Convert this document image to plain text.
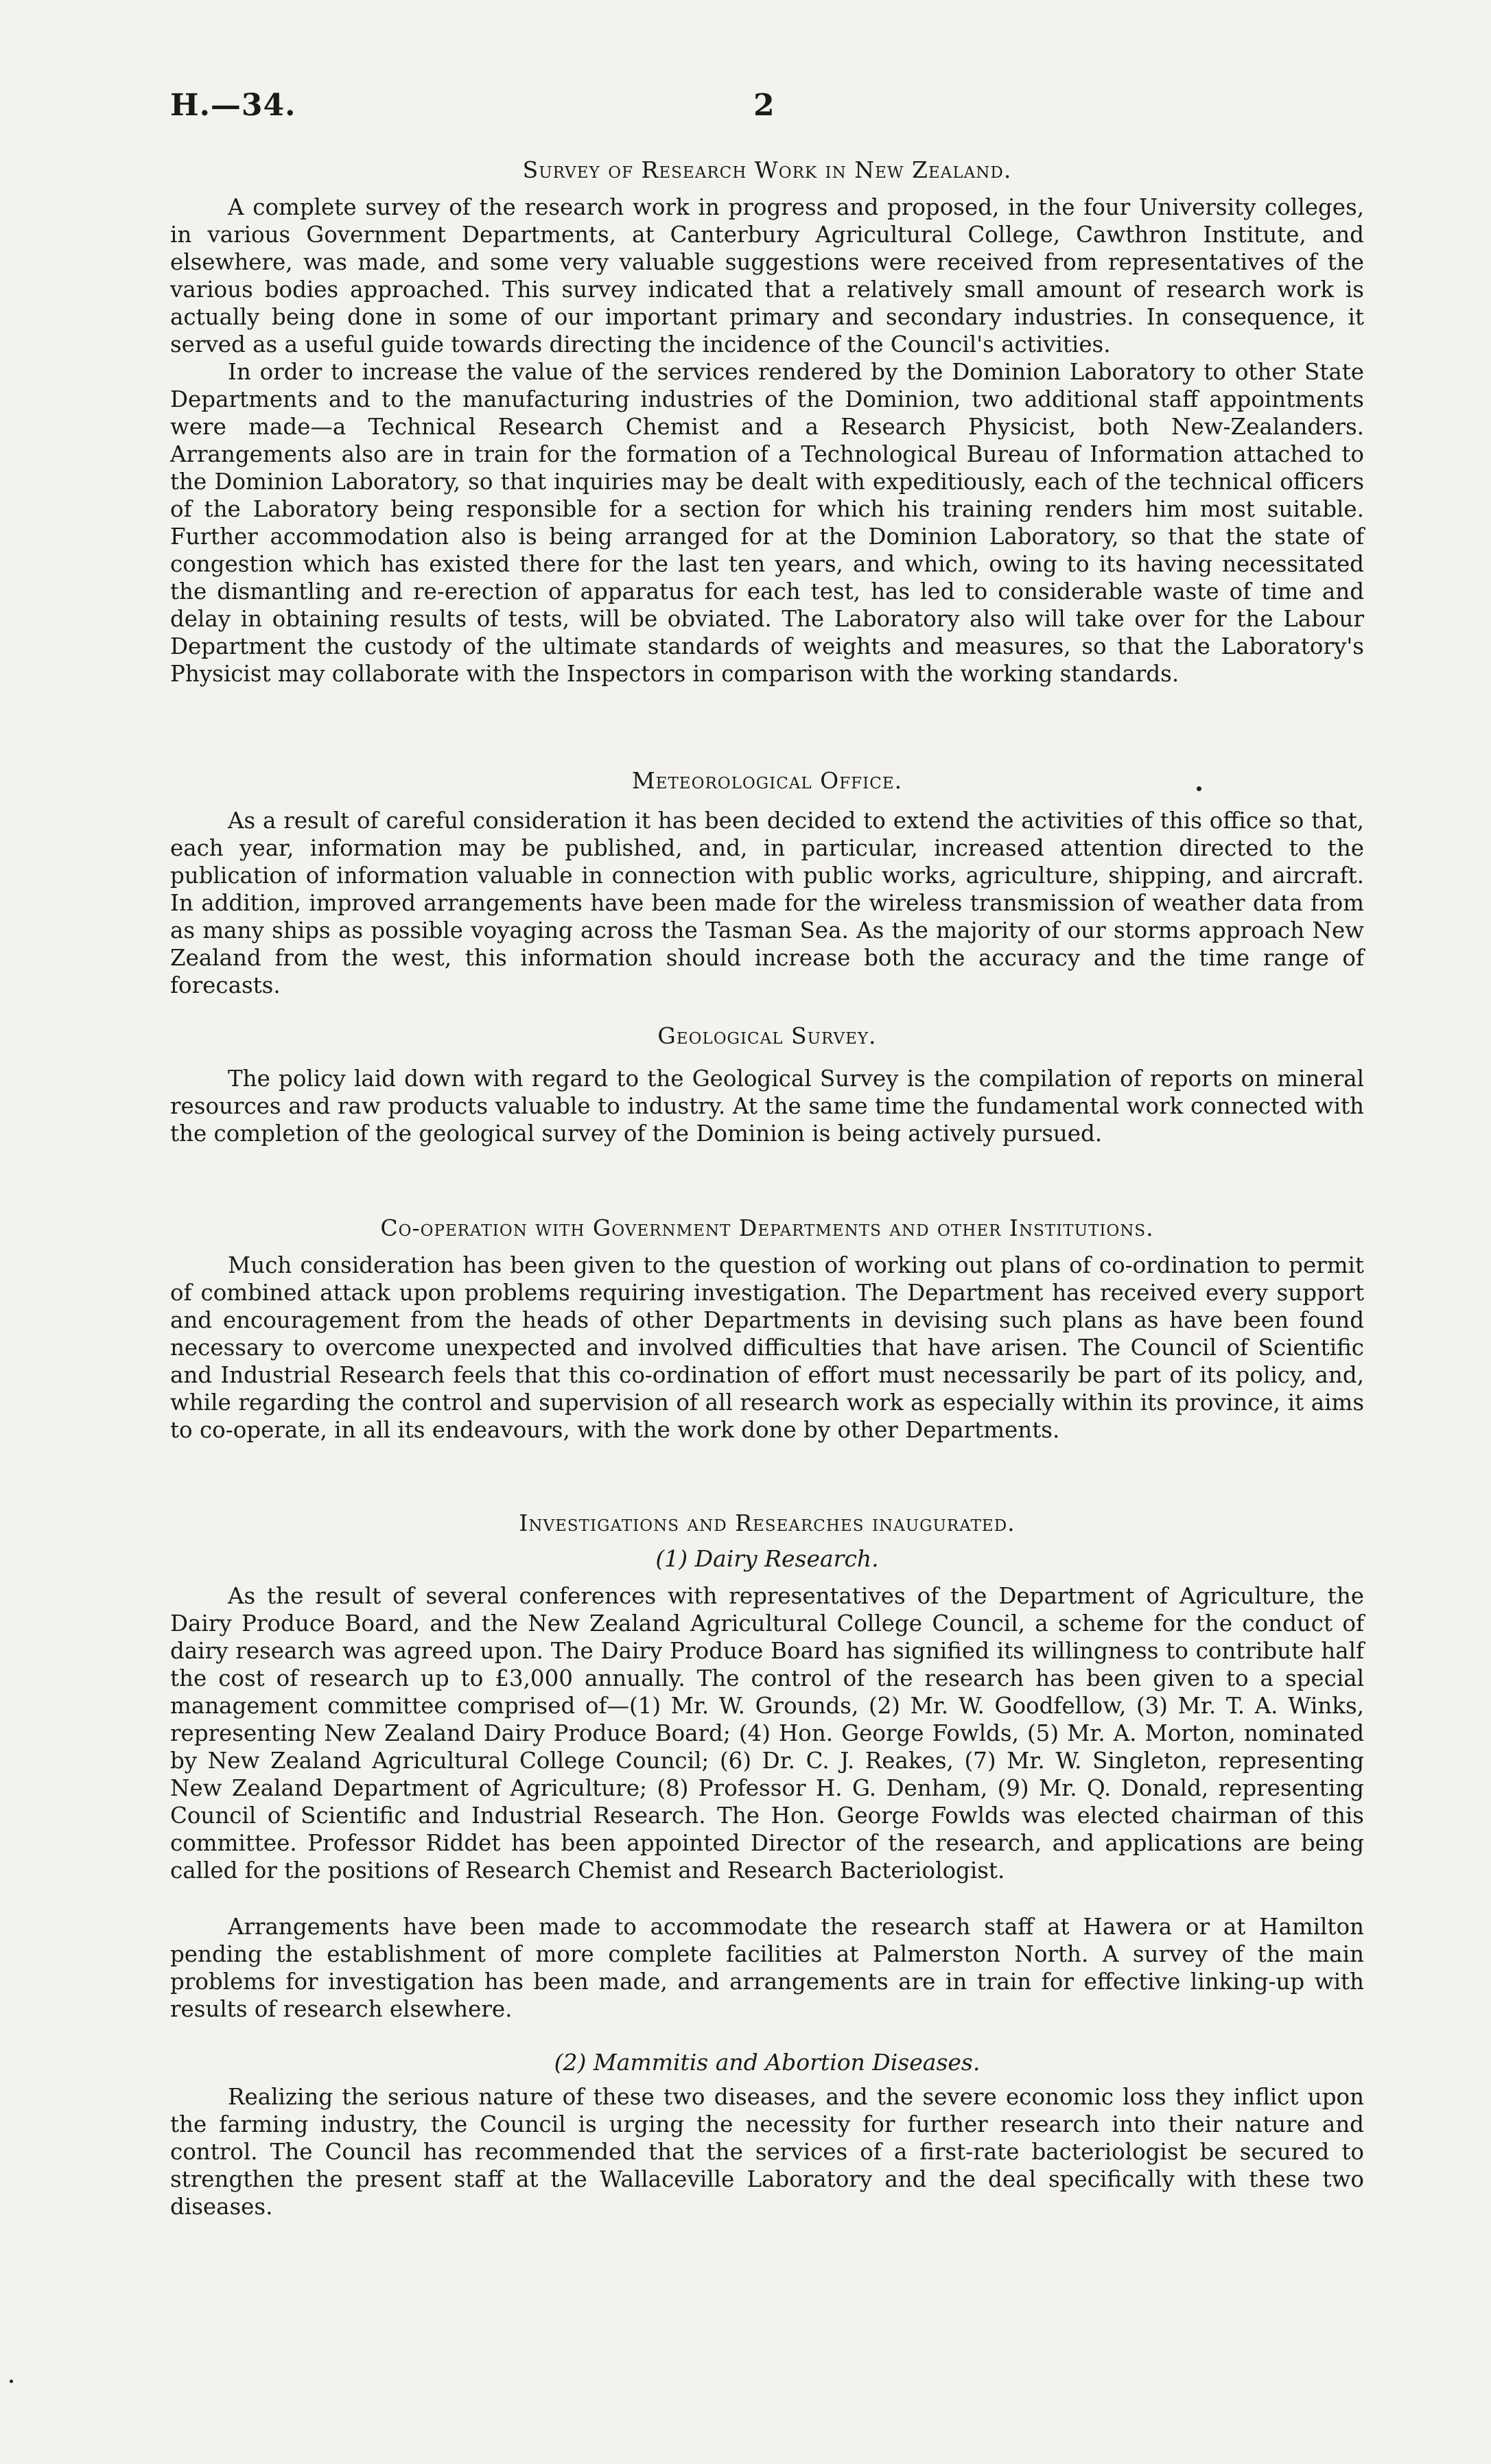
H.—34.	2
Survey of Research Work in New Zealand.

A complete survey of the research work in progress and proposed, in the four University colleges, in various Government Departments, at Canterbury Agricultural College, Cawthron Institute, and elsewhere, was made, and some very valuable suggestions were received from representatives of the various bodies approached. This survey indicated that a relatively small amount of research work is actually being done in some of our important primary and secondary industries. In consequence, it served as a useful guide towards directing the incidence of the Council's activities.

In order to increase the value of the services rendered by the Dominion Laboratory to other State Departments and to the manufacturing industries of the Dominion, two additional staff appointments were made—a Technical Research Chemist and a Research Physicist, both New-Zealanders. Arrangements also are in train for the formation of a Technological Bureau of Information attached to the Dominion Laboratory, so that inquiries may be dealt with expeditiously, each of the technical officers of the Laboratory being responsible for a section for which his training renders him most suitable. Further accommodation also is being arranged for at the Dominion Laboratory, so that the state of congestion which has existed there for the last ten years, and which, owing to its having necessitated the dismantling and re-erection of apparatus for each test, has led to considerable waste of time and delay in obtaining results of tests, will be obviated. The Laboratory also will take over for the Labour Department the custody of the ultimate standards of weights and measures, so that the Laboratory's Physicist may collaborate with the Inspectors in comparison with the working standards.

Meteorological Office.

As a result of careful consideration it has been decided to extend the activities of this office so that, each year, information may be published, and, in particular, increased attention directed to the publication of information valuable in connection with public works, agriculture, shipping, and aircraft. In addition, improved arrangements have been made for the wireless transmission of weather data from as many ships as possible voyaging across the Tasman Sea. As the majority of our storms approach New Zealand from the west, this information should increase both the accuracy and the time range of forecasts.

Geological Survey.

The policy laid down with regard to the Geological Survey is the compilation of reports on mineral resources and raw products valuable to industry. At the same time the fundamental work connected with the completion of the geological survey of the Dominion is being actively pursued.

Co-operation with Government Departments and other Institutions.

Much consideration has been given to the question of working out plans of co-ordination to permit of combined attack upon problems requiring investigation. The Department has received every support and encouragement from the heads of other Departments in devising such plans as have been found necessary to overcome unexpected and involved difficulties that have arisen. The Council of Scientific and Industrial Research feels that this co-ordination of effort must necessarily be part of its policy, and, while regarding the control and supervision of all research work as especially within its province, it aims to co-operate, in all its endeavours, with the work done by other Departments.

Investigations and Researches inaugurated.
(1) Dairy Research.

As the result of several conferences with representatives of the Department of Agriculture, the Dairy Produce Board, and the New Zealand Agricultural College Council, a scheme for the conduct of dairy research was agreed upon. The Dairy Produce Board has signified its willingness to contribute half the cost of research up to £3,000 annually. The control of the research has been given to a special management committee comprised of—(1) Mr. W. Grounds, (2) Mr. W. Goodfellow, (3) Mr. T. A. Winks, representing New Zealand Dairy Produce Board; (4) Hon. George Fowlds, (5) Mr. A. Morton, nominated by New Zealand Agricultural College Council; (6) Dr. C. J. Reakes, (7) Mr. W. Singleton, representing New Zealand Department of Agriculture; (8) Professor H. G. Denham, (9) Mr. Q. Donald, representing Council of Scientific and Industrial Research. The Hon. George Fowlds was elected chairman of this committee. Professor Riddet has been appointed Director of the research, and applications are being called for the positions of Research Chemist and Research Bacteriologist.

Arrangements have been made to accommodate the research staff at Hawera or at Hamilton pending the establishment of more complete facilities at Palmerston North. A survey of the main problems for investigation has been made, and arrangements are in train for effective linking-up with results of research elsewhere.

(2) Mammitis and Abortion Diseases.

Realizing the serious nature of these two diseases, and the severe economic loss they inflict upon the farming industry, the Council is urging the necessity for further research into their nature and control. The Council has recommended that the services of a first-rate bacteriologist be secured to strengthen the present staff at the Wallaceville Laboratory and the deal specifically with these two diseases.
